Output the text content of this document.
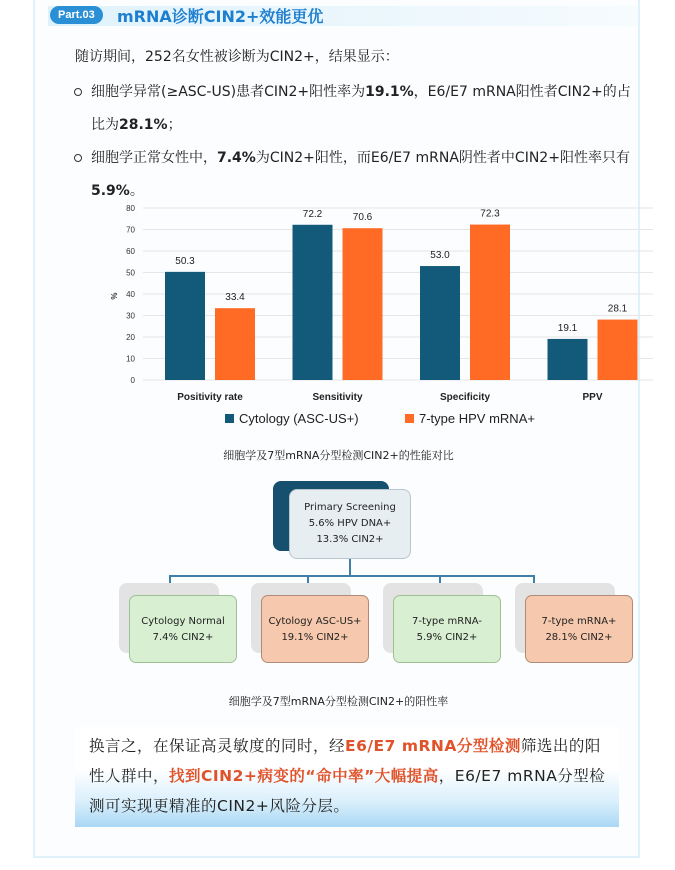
Part.03	mRNA诊断CIN2+效能更优
随访期间，252名女性被诊断为CIN2+，结果显示：
细胞学异常(≥ASC-US)患者CIN2+阳性率为19.1%，E6/E7 mRNA阳性者CIN2+的占比为28.1%；
细胞学正常女性中，7.4%为CIN2+阳性，而E6/E7 mRNA阴性者中CIN2+阳性率只有5.9%。
0
10
20
30
40
50
60
70
80
%
50.3
33.4
Positivity rate
72.2	70.6
Sensitivity
53.0
72.3
Specificity
19.1
28.1
PPV
Cytology (ASC-US+)	7-type HPV mRNA+
细胞学及7型mRNA分型检测CIN2+的性能对比
Primary Screening
5.6% HPV DNA+
13.3% CIN2+
Cytology Normal
7.4% CIN2+
Cytology ASC-US+
19.1% CIN2+
7-type mRNA-
5.9% CIN2+
7-type mRNA+
28.1% CIN2+
细胞学及7型mRNA分型检测CIN2+的阳性率
换言之，在保证高灵敏度的同时，经E6/E7 mRNA分型检测筛选出的阳性人群中，找到CIN2+病变的“命中率”大幅提高，E6/E7 mRNA分型检测可实现更精准的CIN2+风险分层。
